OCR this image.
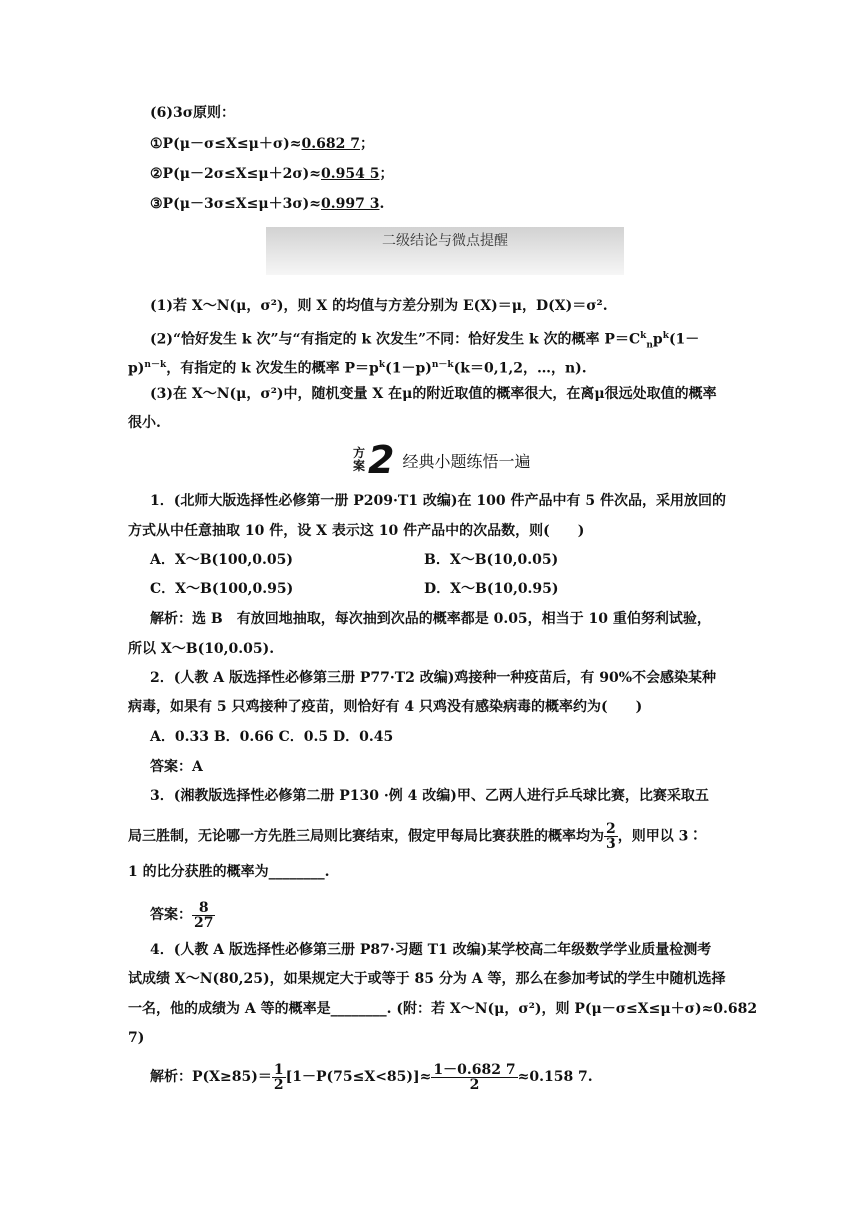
(6)3σ原则：
①P(μ－σ≤X≤μ＋σ)≈0.682 7；
②P(μ－2σ≤X≤μ＋2σ)≈0.954 5；
③P(μ－3σ≤X≤μ＋3σ)≈0.997 3.
二级结论与微点提醒
(1)若 X～N(μ，σ²)，则 X 的均值与方差分别为 E(X)＝μ，D(X)＝σ².
(2)“恰好发生 k 次”与“有指定的 k 次发生”不同：恰好发生 k 次的概率 $P=C^k_np^k(1-$
p)$^{n-k}$，有指定的 k 次发生的概率 $P=p^k(1-p)^{n-k}(k=0,1,2$，…，n).
(3)在 X～N(μ，σ²)中，随机变量 X 在μ的附近取值的概率很大，在离μ很远处取值的概率
很小.
方
案 2 经典小题练悟一遍
1．(北师大版选择性必修第一册 P209·T1 改编)在 100 件产品中有 5 件次品，采用放回的
方式从中任意抽取 10 件，设 X 表示这 10 件产品中的次品数，则(　　)
A．X～B(100,0.05)	B．X～B(10,0.05)
C．X～B(100,0.95)	D．X～B(10,0.95)
解析：选 B　有放回地抽取，每次抽到次品的概率都是 0.05，相当于 10 重伯努利试验，
所以 X～B(10,0.05).
2．(人教 A 版选择性必修第三册 P77·T2 改编)鸡接种一种疫苗后，有 90%不会感染某种
病毒，如果有 5 只鸡接种了疫苗，则恰好有 4 只鸡没有感染病毒的概率约为(　　)
A．0.33 B．0.66 C．0.5 D．0.45
答案：A
3．(湘教版选择性必修第二册 P130 ·例 4 改编)甲、乙两人进行乒乓球比赛，比赛采取五
局三胜制，无论哪一方先胜三局则比赛结束，假定甲每局比赛获胜的概率均为 $\frac{2}{3}$ ，则甲以 3∶
1 的比分获胜的概率为________.
答案： $\frac{8}{27}$
4．(人教 A 版选择性必修第三册 P87·习题 T1 改编)某学校高二年级数学学业质量检测考
试成绩 X～N(80,25)，如果规定大于或等于 85 分为 A 等，那么在参加考试的学生中随机选择
一名，他的成绩为 A 等的概率是________. (附：若 X～N(μ，σ²)，则 P(μ－σ≤X≤μ＋σ)≈0.682
7)
解析：$P(X\ge 85)= \frac{1}{2} [1-P(75\le X<85)]\approx \frac{1-0.682 7}{2} \approx 0.158$ 7.
